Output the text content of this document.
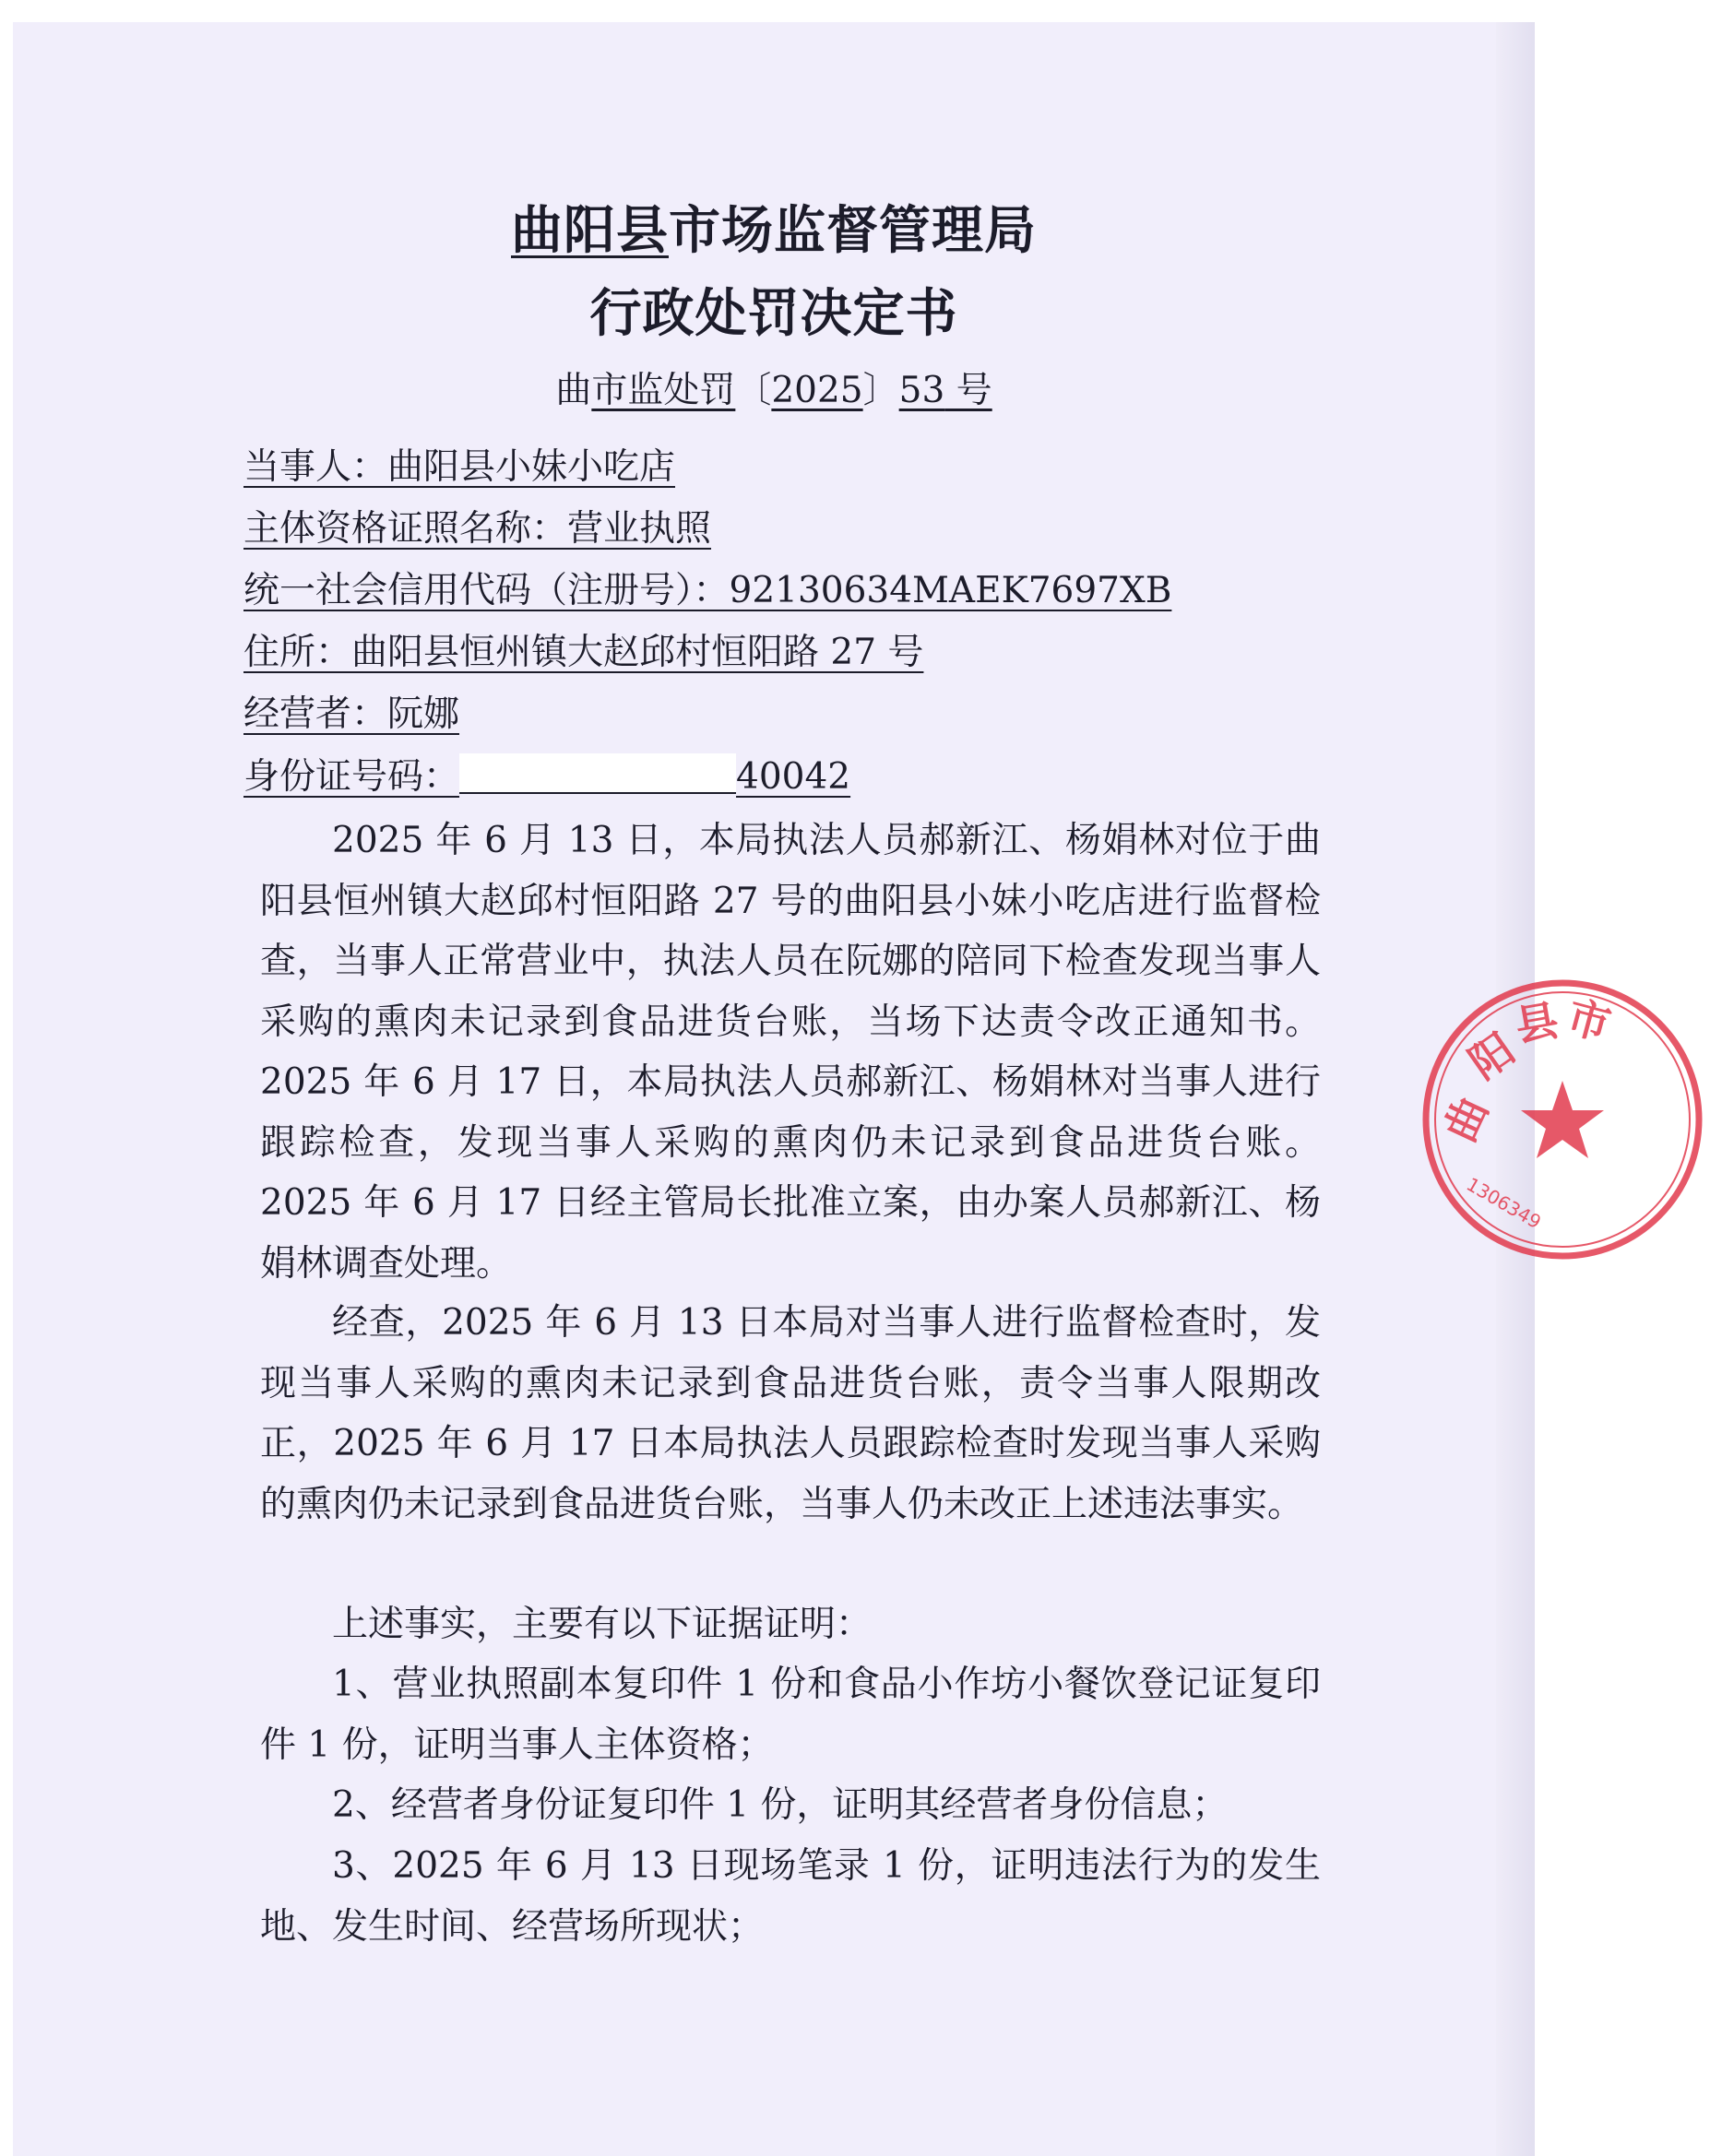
曲阳县市场监督管理局
行政处罚决定书
曲市监处罚〔2025〕53 号
当事人：曲阳县小妹小吃店
主体资格证照名称：营业执照
统一社会信用代码（注册号）：92130634MAEK7697XB
住所：曲阳县恒州镇大赵邱村恒阳路 27 号
经营者：阮娜
身份证号码：	40042
2025 年 6 月 13 日，本局执法人员郝新江、杨娟林对位于曲阳县恒州镇大赵邱村恒阳路 27 号的曲阳县小妹小吃店进行监督检查，当事人正常营业中，执法人员在阮娜的陪同下检查发现当事人采购的熏肉未记录到食品进货台账，当场下达责令改正通知书。2025 年 6 月 17 日，本局执法人员郝新江、杨娟林对当事人进行跟踪检查，发现当事人采购的熏肉仍未记录到食品进货台账。2025 年 6 月 17 日经主管局长批准立案，由办案人员郝新江、杨娟林调查处理。
经查，2025 年 6 月 13 日本局对当事人进行监督检查时，发现当事人采购的熏肉未记录到食品进货台账，责令当事人限期改正，2025 年 6 月 17 日本局执法人员跟踪检查时发现当事人采购的熏肉仍未记录到食品进货台账，当事人仍未改正上述违法事实。
上述事实，主要有以下证据证明：
1、营业执照副本复印件 1 份和食品小作坊小餐饮登记证复印件 1 份，证明当事人主体资格；
2、经营者身份证复印件 1 份，证明其经营者身份信息；
3、2025 年 6 月 13 日现场笔录 1 份，证明违法行为的发生地、发生时间、经营场所现状；
曲
阳
县 市
1306349
